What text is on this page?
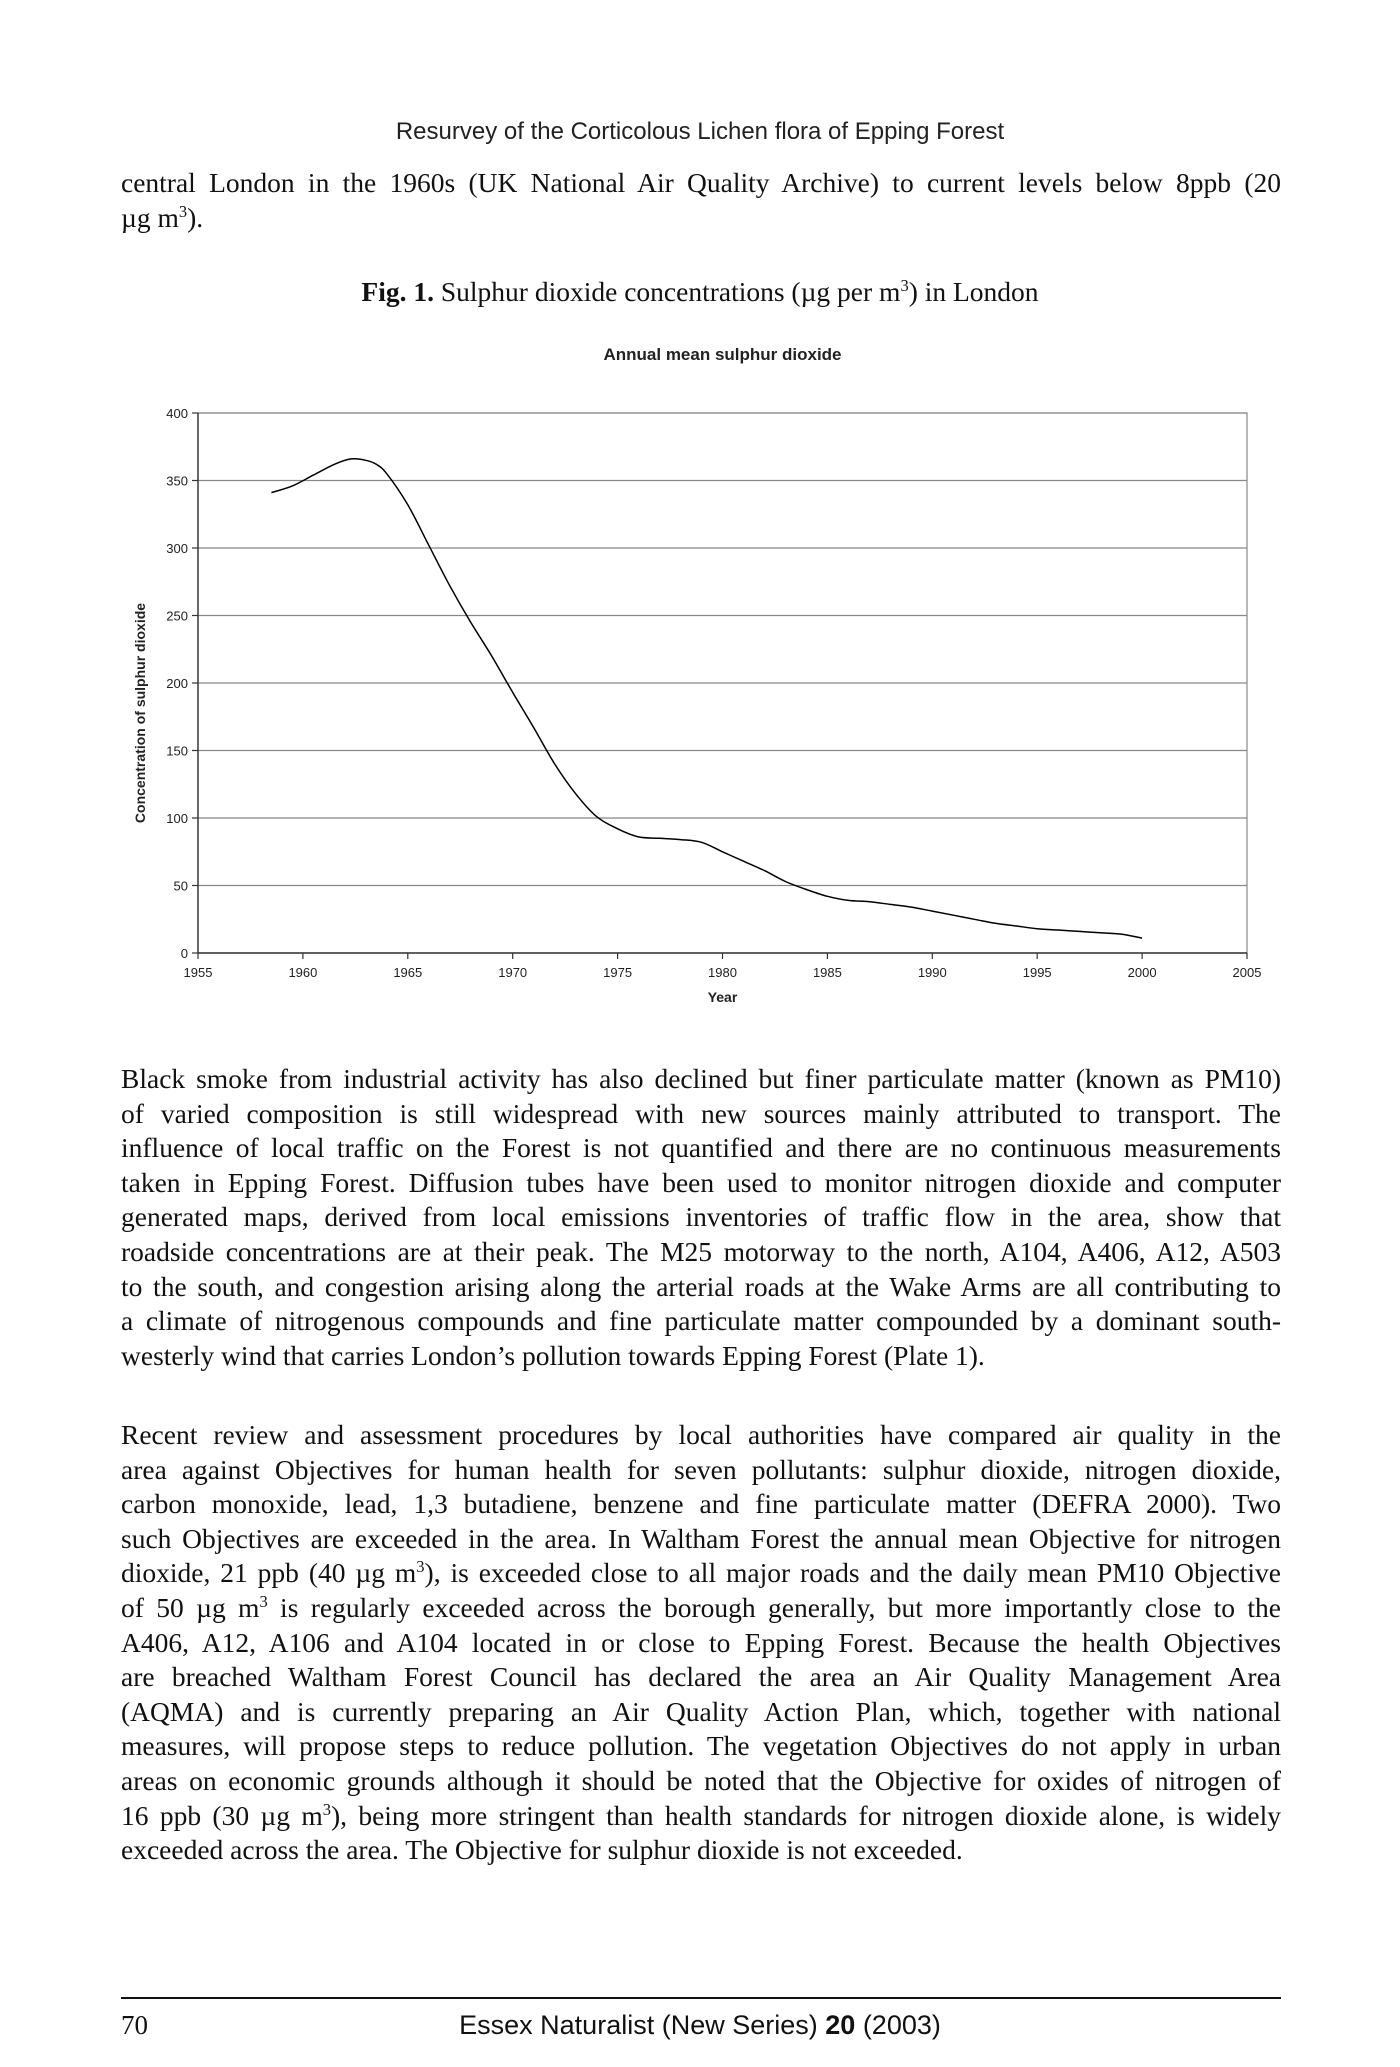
Resurvey of the Corticolous Lichen flora of Epping Forest
central London in the 1960s (UK National Air Quality Archive) to current levels below 8ppb (20
µg $m^3$).
Fig. 1. Sulphur dioxide concentrations (µg per $m^3$) in London
0
50
100
150
200
250
300
350
400
1955	1960	1965	1970	1975	1980	1985	1990	1995	2000	2005
Annual mean sulphur dioxide
Year
Concentration of sulphur dioxide
Black smoke from industrial activity has also declined but finer particulate matter (known as PM10)
of varied composition is still widespread with new sources mainly attributed to transport. The
influence of local traffic on the Forest is not quantified and there are no continuous measurements
taken in Epping Forest. Diffusion tubes have been used to monitor nitrogen dioxide and computer
generated maps, derived from local emissions inventories of traffic flow in the area, show that
roadside concentrations are at their peak. The M25 motorway to the north, A104, A406, A12, A503
to the south, and congestion arising along the arterial roads at the Wake Arms are all contributing to
a climate of nitrogenous compounds and fine particulate matter compounded by a dominant south-
westerly wind that carries London’s pollution towards Epping Forest (Plate 1).
Recent review and assessment procedures by local authorities have compared air quality in the
area against Objectives for human health for seven pollutants: sulphur dioxide, nitrogen dioxide,
carbon monoxide, lead, 1,3 butadiene, benzene and fine particulate matter (DEFRA 2000). Two
such Objectives are exceeded in the area. In Waltham Forest the annual mean Objective for nitrogen
dioxide, 21 ppb (40 µg $m^3$), is exceeded close to all major roads and the daily mean PM10 Objective
of 50 µg $m^3$ is regularly exceeded across the borough generally, but more importantly close to the
A406, A12, A106 and A104 located in or close to Epping Forest. Because the health Objectives
are breached Waltham Forest Council has declared the area an Air Quality Management Area
(AQMA) and is currently preparing an Air Quality Action Plan, which, together with national
measures, will propose steps to reduce pollution. The vegetation Objectives do not apply in urban
areas on economic grounds although it should be noted that the Objective for oxides of nitrogen of
16 ppb (30 µg $m^3$), being more stringent than health standards for nitrogen dioxide alone, is widely
exceeded across the area. The Objective for sulphur dioxide is not exceeded.
70	Essex Naturalist (New Series) 20 (2003)
